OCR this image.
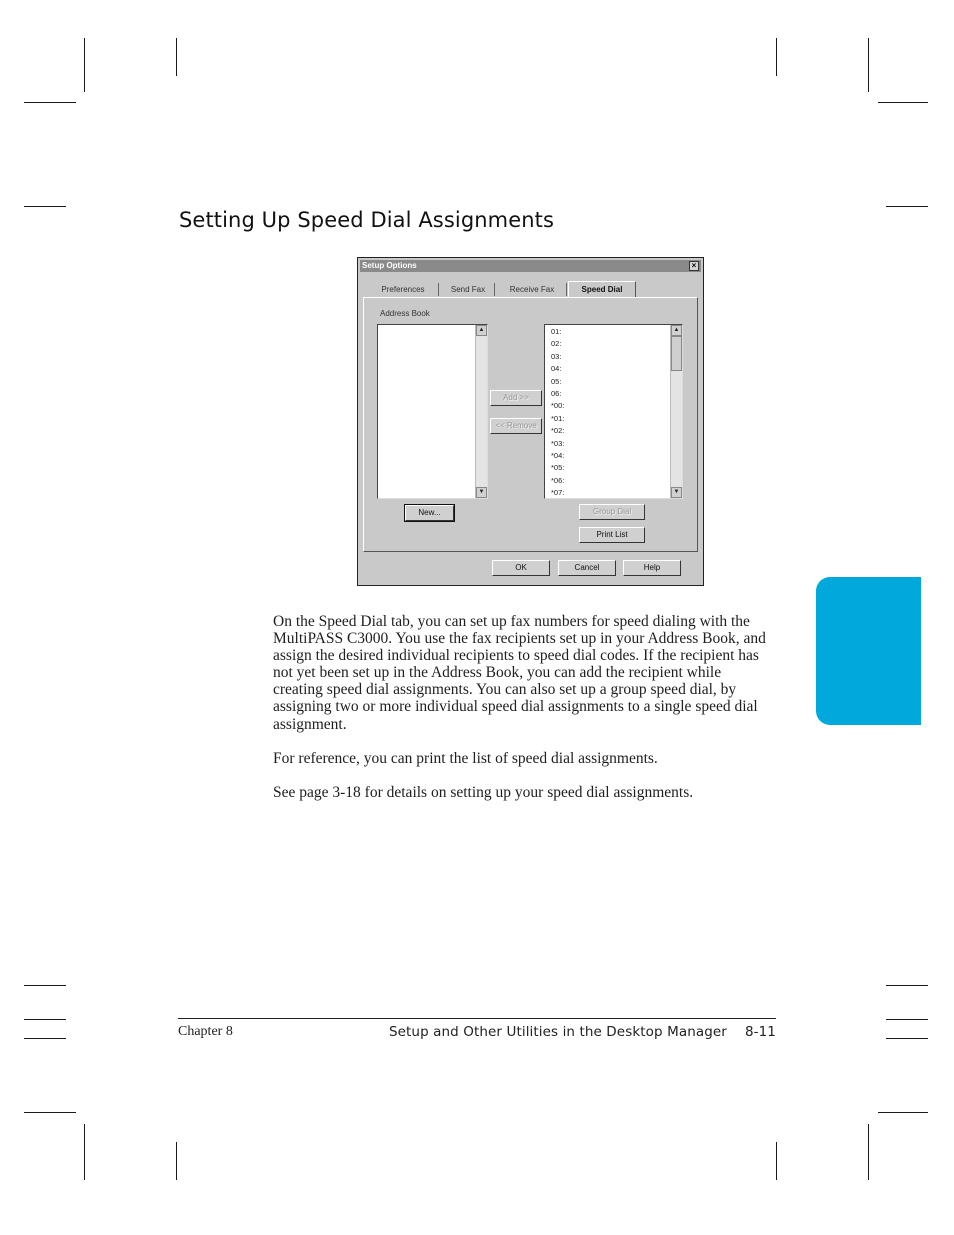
Setting Up Speed Dial Assignments
Setup Options	×
Preferences	Send Fax	Receive Fax	Speed Dial
Address Book
▲
▼
Add >>
<< Remove
01:
02:
03:
04:
05:
06:
*00:
*01:
*02:
*03:
*04:
*05:
*06:
*07:
▲
▼
New...	Group Dial
Print List
OK	Cancel	Help

On the Speed Dial tab, you can set up fax numbers for speed dialing with the MultiPASS C3000. You use the fax recipients set up in your Address Book, and assign the desired individual recipients to speed dial codes. If the recipient has not yet been set up in the Address Book, you can add the recipient while creating speed dial assignments. You can also set up a group speed dial, by assigning two or more individual speed dial assignments to a single speed dial assignment.

For reference, you can print the list of speed dial assignments.

See page 3-18 for details on setting up your speed dial assignments.

Chapter 8	Setup and Other Utilities in the Desktop Manager 8-11
